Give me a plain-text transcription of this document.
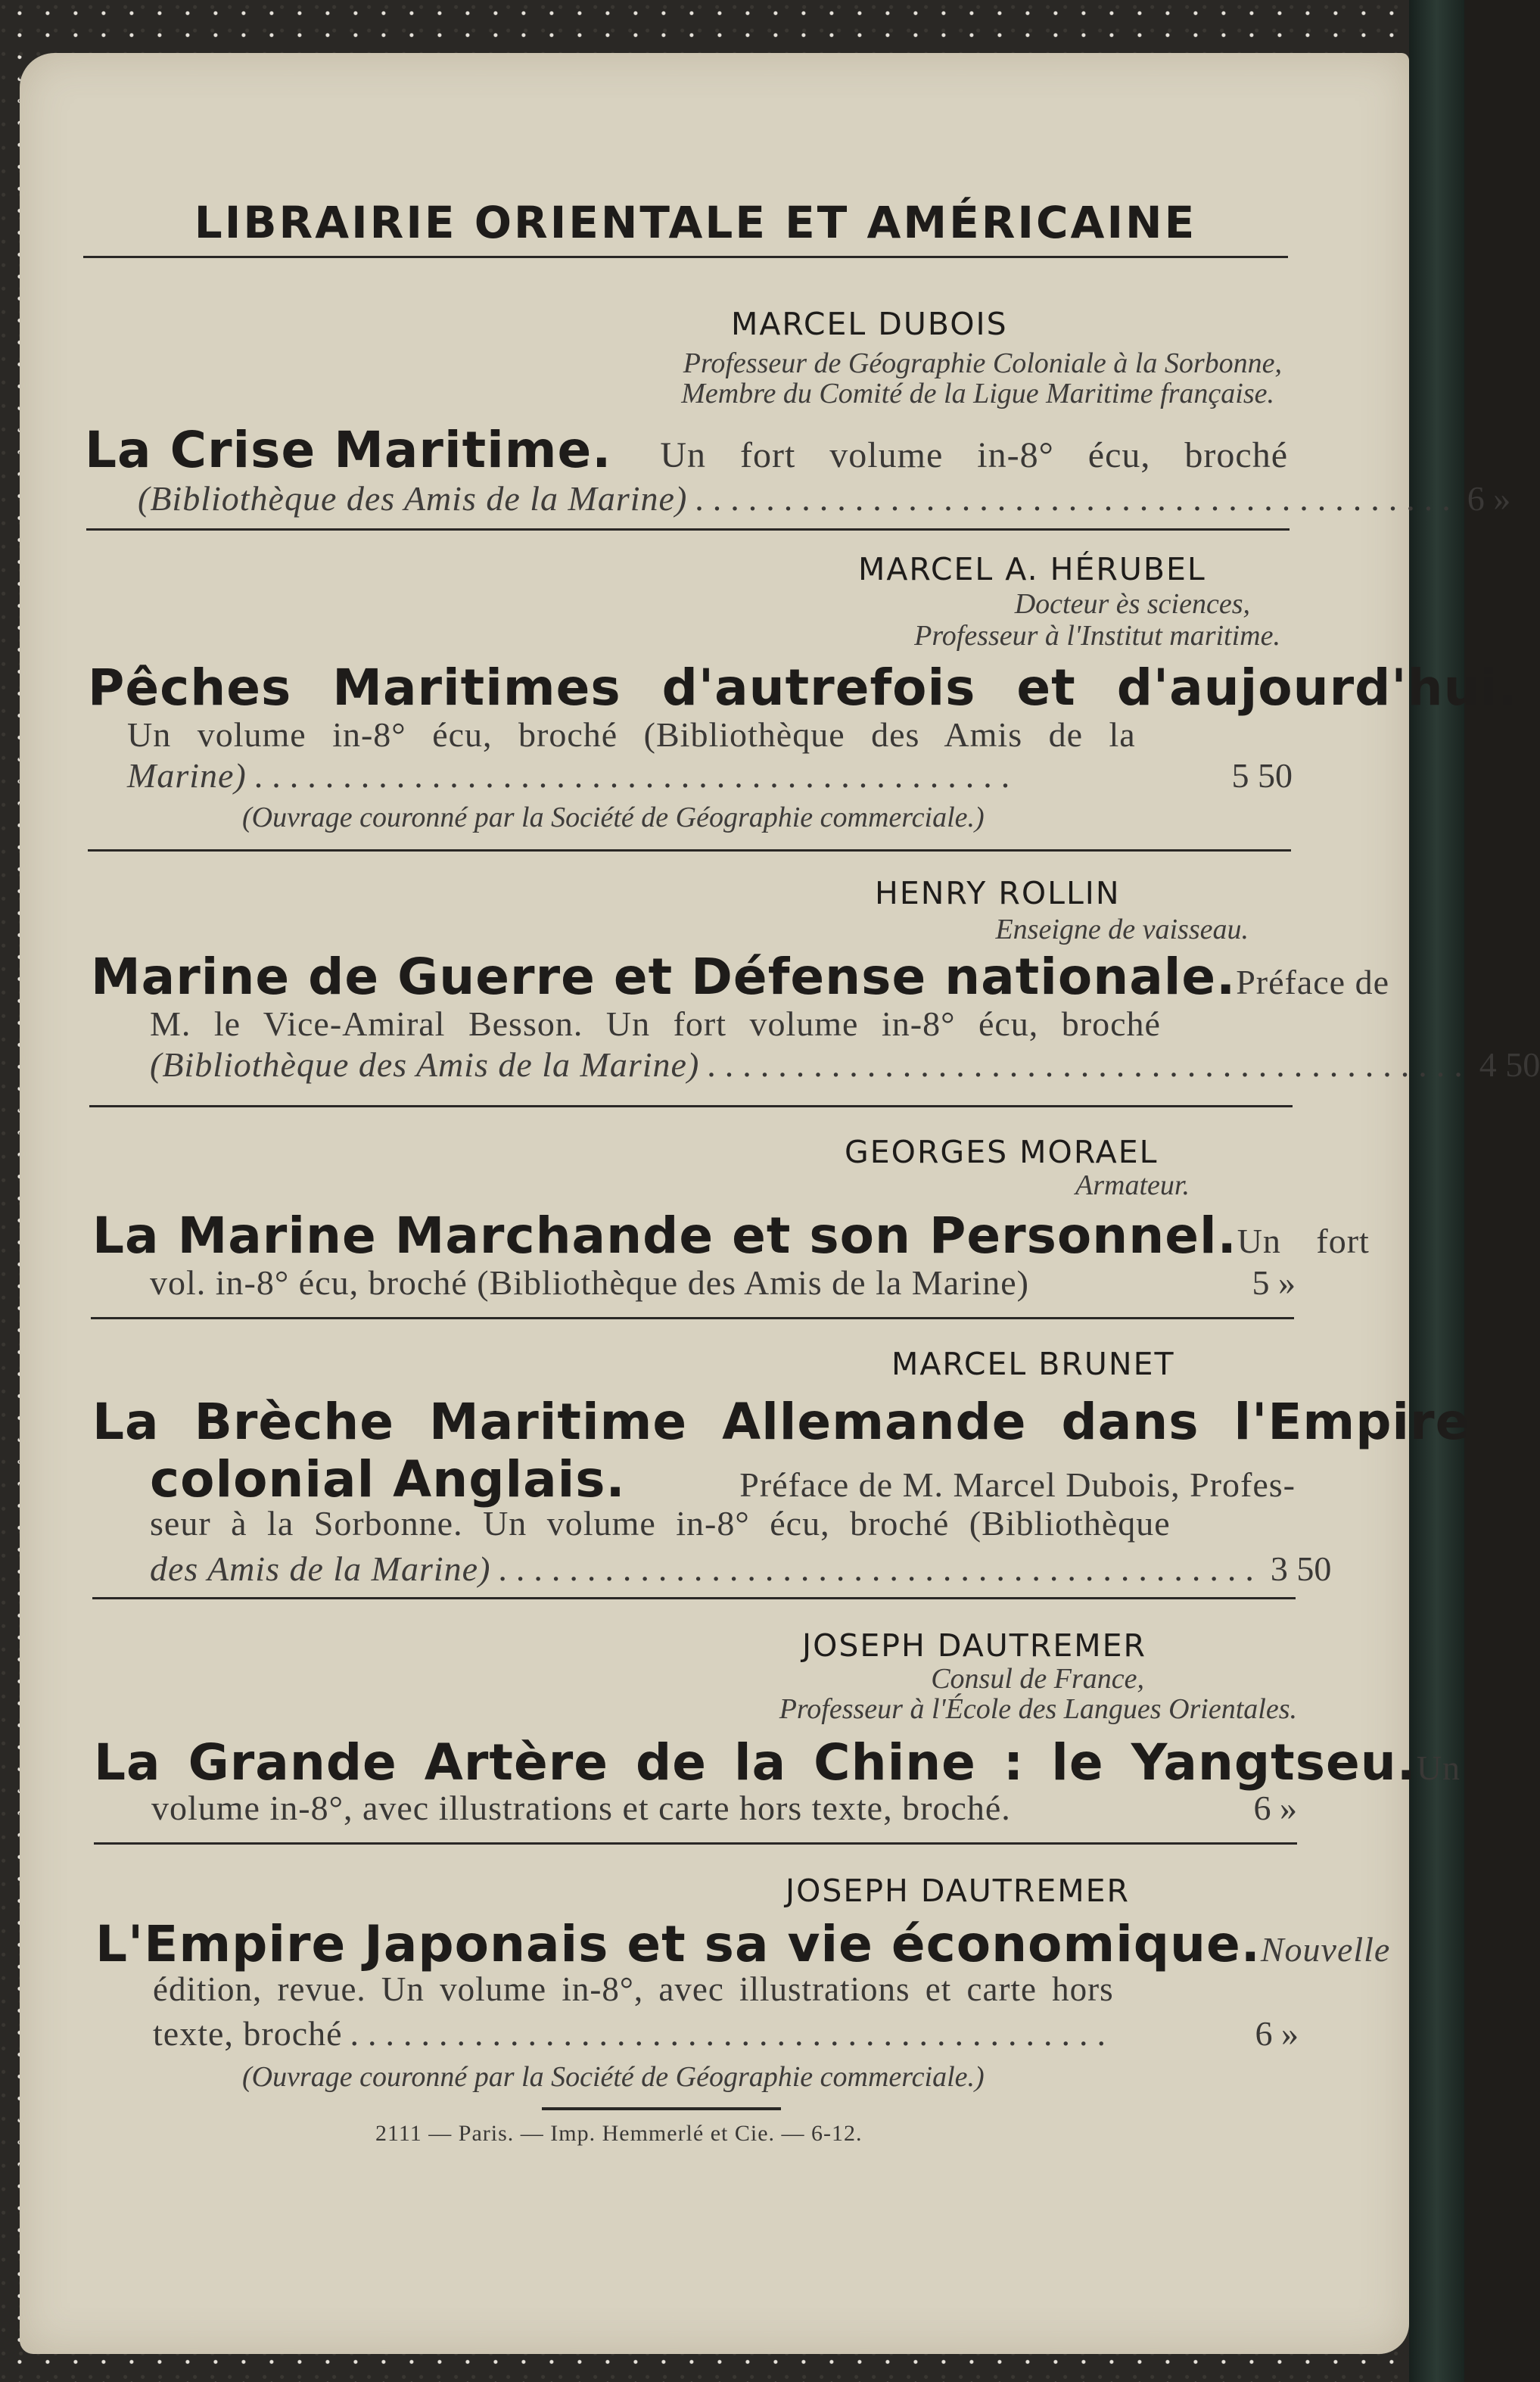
LIBRAIRIE ORIENTALE ET AMÉRICAINE
MARCEL DUBOIS
Professeur de Géographie Coloniale à la Sorbonne,
Membre du Comité de la Ligue Maritime française.
La Crise Maritime. Un fort volume in-8° écu, broché
(Bibliothèque des Amis de la Marine) ........................................... 6 »
MARCEL A. HÉRUBEL
Docteur ès sciences,
Professeur à l'Institut maritime.
Pêches Maritimes d'autrefois et d'aujourd'hui.
Un volume in-8° écu, broché (Bibliothèque des Amis de la
Marine) ...........................................	5 50
(Ouvrage couronné par la Société de Géographie commerciale.)
HENRY ROLLIN
Enseigne de vaisseau.
Marine de Guerre et Défense nationale. Préface de
M. le Vice-Amiral Besson. Un fort volume in-8° écu, broché
(Bibliothèque des Amis de la Marine) ........................................... 4 50
GEORGES MORAEL
Armateur.
La Marine Marchande et son Personnel. Un fort
vol. in-8° écu, broché (Bibliothèque des Amis de la Marine)	5 »
MARCEL BRUNET
La Brèche Maritime Allemande dans l'Empire
colonial Anglais.	Préface de M. Marcel Dubois, Profes-
seur à la Sorbonne. Un volume in-8° écu, broché (Bibliothèque
des Amis de la Marine) ........................................... 3 50
JOSEPH DAUTREMER
Consul de France,
Professeur à l'École des Langues Orientales.
La Grande Artère de la Chine : le Yangtseu. Un
volume in-8°, avec illustrations et carte hors texte, broché.	6 »
JOSEPH DAUTREMER
L'Empire Japonais et sa vie économique. Nouvelle
édition, revue. Un volume in-8°, avec illustrations et carte hors
texte, broché ...........................................	6 »
(Ouvrage couronné par la Société de Géographie commerciale.)
2111 — Paris. — Imp. Hemmerlé et Cie. — 6-12.
